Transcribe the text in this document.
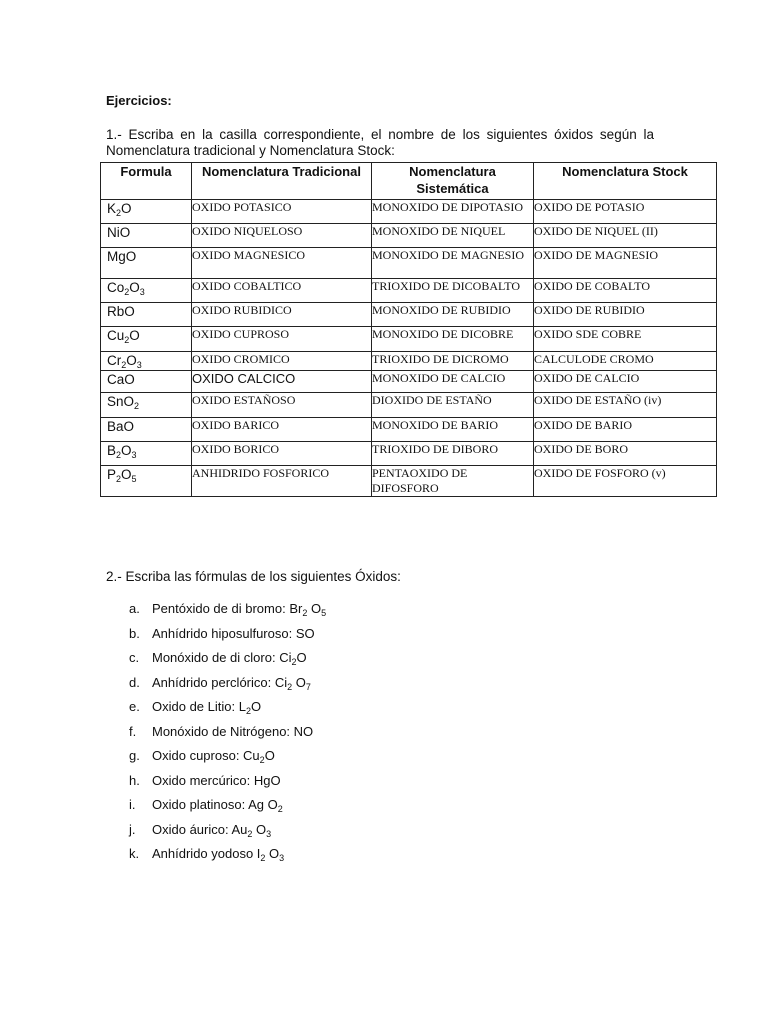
Ejercicios:
1.- Escriba en la casilla correspondiente, el nombre de los siguientes óxidos según la
Nomenclatura tradicional y Nomenclatura Stock:
Formula	Nomenclatura Tradicional	Nomenclatura Sistemática	Nomenclatura Stock
$K_2O$	OXIDO POTASICO	MONOXIDO DE DIPOTASIO	OXIDO DE POTASIO
NiO	OXIDO NIQUELOSO	MONOXIDO DE NIQUEL	OXIDO DE NIQUEL (II)
MgO	OXIDO MAGNESICO	MONOXIDO DE MAGNESIO	OXIDO DE MAGNESIO
$Co_2O_3$	OXIDO COBALTICO	TRIOXIDO DE DICOBALTO	OXIDO DE COBALTO
RbO	OXIDO RUBIDICO	MONOXIDO DE RUBIDIO	OXIDO DE RUBIDIO
$Cu_2O$	OXIDO CUPROSO	MONOXIDO DE DICOBRE	OXIDO SDE COBRE
$Cr_2O_3$	OXIDO CROMICO	TRIOXIDO DE DICROMO	CALCULODE CROMO
CaO	OXIDO CALCICO	MONOXIDO DE CALCIO	OXIDO DE CALCIO
SnO$_2$	OXIDO ESTAÑOSO	DIOXIDO DE ESTAÑO	OXIDO DE ESTAÑO (iv)
BaO	OXIDO BARICO	MONOXIDO DE BARIO	OXIDO DE BARIO
$B_2O_3$	OXIDO BORICO	TRIOXIDO DE DIBORO	OXIDO DE BORO
$P_2O_5$	ANHIDRIDO FOSFORICO	PENTAOXIDO DE DIFOSFORO	OXIDO DE FOSFORO (v)
2.- Escriba las fórmulas de los siguientes Óxidos:
a. Pentóxido de di bromo: $Br_2$ $O_5$
b. Anhídrido hiposulfuroso: SO
c. Monóxido de di cloro: $Ci_2O$
d. Anhídrido perclórico: $Ci_2$ $O_7$
e. Oxido de Litio: $L_2O$
f. Monóxido de Nitrógeno: NO
g. Oxido cuproso: $Cu_2O$
h. Oxido mercúrico: HgO
i. Oxido platinoso: Ag $O_2$
j. Oxido áurico: $Au_2$ $O_3$
k. Anhídrido yodoso $I_2$ $O_3$
